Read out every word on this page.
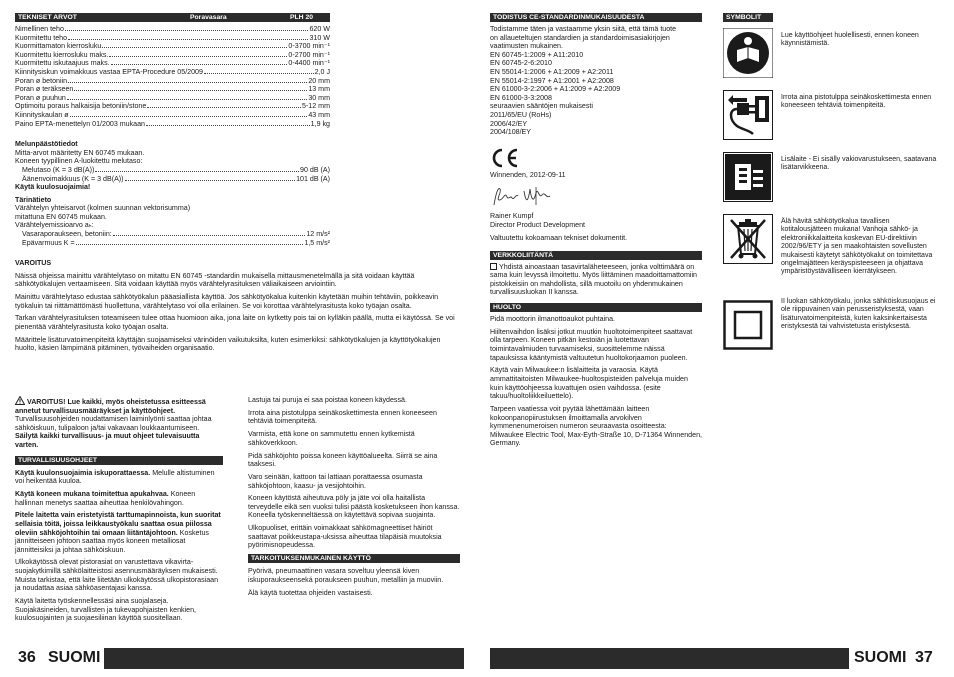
TEKNISET ARVOT	Poravasara	PLH 20
Nimellinen teho	620 W
Kuormitettu teho	310 W
Kuormittamaton kierrosluku	0-3700 min⁻¹
Kuormitettu kierrosluku maks.	0-2700 min⁻¹
Kuormitettu iskutaajuus maks.	0-4400 min⁻¹
Kiinnitysiskun voimakkuus vastaa EPTA-Procedure 05/2009	2,0 J
Poran ø betoniin	20 mm
Poran ø teräkseen	13 mm
Poran ø puuhun	30 mm
Optimoitu poraus halkaisija betoniin/stone	5-12 mm
Kiinnityskaulan ø	43 mm
Paino EPTA-menettelyn 01/2003 mukaan	1,9 kg
Melunpäästötiedot
Mitta-arvot määritetty EN 60745 mukaan.
Koneen tyypillinen A-luokitettu melutaso:
Melutaso (K = 3 dB(A))	90 dB (A)
Äänenvoimakkuus (K = 3 dB(A))	101 dB (A)
Käytä kuulosuojaimia!
Tärinätieto
Värähtelyn yhteisarvot (kolmen suunnan vektorisumma)
mitattuna EN 60745 mukaan.
Värähtelyemissioarvo aₕ:
Vasaraporaukseen, betoniin:	12 m/s²
Epävarmuus K =	1,5 m/s²
VAROITUS

Näissä ohjeissa mainittu värähtelytaso on mitattu EN 60745 -standardin mukaisella mittausmenetelmällä ja sitä voidaan käyttää sähkötyökalujen vertaamiseen. Sitä voidaan käyttää myös värähtelyrasituksen väliaikaiseen arviointiin.

Mainittu värähtelytaso edustaa sähkötyökalun pääasiallista käyttöä. Jos sähkötyökalua kuitenkin käytetään muihin tehtäviin, poikkeavin työkaluin tai riittämättömästi huollettuna, värähtelytaso voi olla erilainen. Se voi korottaa värähtelyrasitusta koko työajan osalta.

Tarkan värähtelyrasituksen toteamiseen tulee ottaa huomioon aika, jona laite on kytketty pois tai on kylläkin päällä, mutta ei käytössä. Se voi pienentää värähtelyrasitusta koko työajan osalta.

Määrittele lisäturvatoimenpiteitä käyttäjän suojaamiseksi värinöiden vaikutuksilta, kuten esimerkiksi: sähkötyökalujen ja käyttötyökalujen huolto, käsien lämpimänä pitäminen, työvaiheiden organisaatio.

VAROITUS! Lue kaikki, myös oheistetussa esitteessä annetut turvallisuusmääräykset ja käyttöohjeet. Turvallisuusohjeiden noudattamisen laiminlyönti saattaa johtaa sähköiskuun, tulipaloon ja/tai vakavaan loukkaantumiseen. Säilytä kaikki turvallisuus- ja muut ohjeet tulevaisuutta varten.

TURVALLISUUSOHJEET

Käytä kuulonsuojaimia iskuporattaessa. Melulle altistuminen voi heikentää kuuloa.

Käytä koneen mukana toimitettua apukahvaa. Koneen hallinnan menetys saattaa aiheuttaa henkilövahingon.

Pitele laitetta vain eristetyistä tarttumapinnoista, kun suoritat sellaisia töitä, joissa leikkaustyökalu saattaa osua piilossa oleviin sähköjohtoihin tai omaan liitäntäjohtoon. Kosketus jännitteiseen johtoon saattaa myös koneen metalliosat jännitteisiksi ja johtaa sähköiskuun.

Ulkokäytössä olevat pistorasiat on varustettava vikavirta-suojakytkimillä sähkölaitteistosi asennusmääräyksen mukaisesti. Muista tarkistaa, että laite liitetään ulkokäytössä ulkopistorasiaan ja noudattaa asiaa sähköasentajasi kanssa.

Käytä laitetta työskennellessäsi aina suojalaseja. Suojakäsineiden, turvallisten ja tukevapohjaisten kenkien, kuulosuojainten ja suojaesiliinan käyttöä suositellaan.

Lastuja tai puruja ei saa poistaa koneen käydessä.

Irrota aina pistotulppa seinäkoskettimesta ennen koneeseen tehtäviä toimenpiteitä.

Varmista, että kone on sammutettu ennen kytkemistä sähköverkkoon.

Pidä sähköjohto poissa koneen käyttöalueelta. Siirrä se aina taaksesi.

Varo seinään, kattoon tai lattiaan porattaessa osumasta sähköjohtoon, kaasu- ja vesijohtoihin.

Koneen käytöstä aiheutuva pöly ja jäte voi olla haitallista terveydelle eikä sen vuoksi tulisi päästä kosketukseen ihon kanssa. Koneella työskenneltäessä on käytettävä sopivaa suojainta.

Ulkopuoliset, erittäin voimakkaat sähkömagneettiset häiriöt saattavat poikkeustapa-uksissa aiheuttaa tilapäisiä muutoksia pyörimisnopeudessa.

TARKOITUKSENMUKAINEN KÄYTTÖ

Pyörivä, pneumaattinen vasara soveltuu yleensä kiven iskuporaukseenseká poraukseen puuhun, metalliin ja muoviin.

Älä käytä tuotettaa ohjeiden vastaisesti.

36 SUOMI
TODISTUS CE-STANDARDINMUKAISUUDESTA
Todistamme täten ja vastaamme yksin siitä, että tämä tuote
on allaueteltujen standardien ja standardoimisasiakirjojen
vaatimusten mukainen.
EN 60745-1:2009 + A11:2010
EN 60745-2-6:2010
EN 55014-1:2006 + A1:2009 + A2:2011
EN 55014-2:1997 + A1:2001 + A2:2008
EN 61000-3-2:2006 + A1:2009 + A2:2009
EN 61000-3-3:2008
seuraavien sääntöjen mukaisesti
2011/65/EU (RoHs)
2006/42/EY
2004/108/EY
Winnenden, 2012-09-11
Rainer Kumpf
Director Product Development
Valtuutettu kokoamaan tekniset dokumentit.
VERKKOLIITÄNTÄ

Yhdistä ainoastaan tasavirtaläheteeseen, jonka volttimäärä on sama kuin levyssä ilmoitettu. Myös liittäminen maadoittamattomiin pistokkeisiin on mahdollista, sillä muotoilu on yhdenmukainen turvallisuusluokan II kanssa.

HUOLTO

Pidä moottorin ilmanottoaukot puhtaina.

Hiiltenvaihdon lisäksi jotkut muutkin huoltotoimenpiteet saattavat olla tarpeen. Koneen pitkän kestoiän ja luotettavan toimintavalmiuden turvaamiseksi, suosittelemme näissä tapauksissa kääntymistä valtuutetun huoltokorjaamon puoleen.

Käytä vain Milwaukee:n lisälaitteita ja varaosia. Käytä ammattitaitoisten Milwaukee-huoltospisteiden palveluja muiden kuin käyttöohjeessa kuvattujen osien vaihdossa. (esite takuu/huoltoliikkeiluettelo).

Tarpeen vaatiessa voit pyytää lähettämään laitteen kokoonpanopiirustuksen ilmoittamalla arvokilven kymmenenumeroisen numeron seuraavasta osoitteesta: Milwaukee Electric Tool, Max-Eyth-Straße 10, D-71364 Winnenden, Germany.

SYMBOLIT
Lue käyttöohjeet huolellisesti, ennen koneen käynnistämistä.
Irrota aina pistotulppa seinäkoskettimesta ennen koneeseen tehtäviä toimenpiteitä.
Lisälaite - Ei sisälly vakiovarustukseen, saatavana lisätarvikkeena.
Älä hävitä sähkötyökalua tavallisen kotitalousjätteen mukana! Vanhoja sähkö- ja elektroniikkalaitteita koskevan EU-direktiivin 2002/96/ETY ja sen maakohtaisten sovellusten mukaisesti käytetyt sähkötyökalut on toimitettava ongelmajätteen keräyspisteeseen ja ohjattava ympäristöystävälliseen kierrätykseen.
II luokan sähkötyökalu, jonka sähköiskusuojaus ei ole riippuvainen vain perusseristyksestä, vaan lisäturvatoimenpiteistä, kuten kaksinkertaisesta eristyksestä tai vahvistetusta eristyksestä.
SUOMI 37
